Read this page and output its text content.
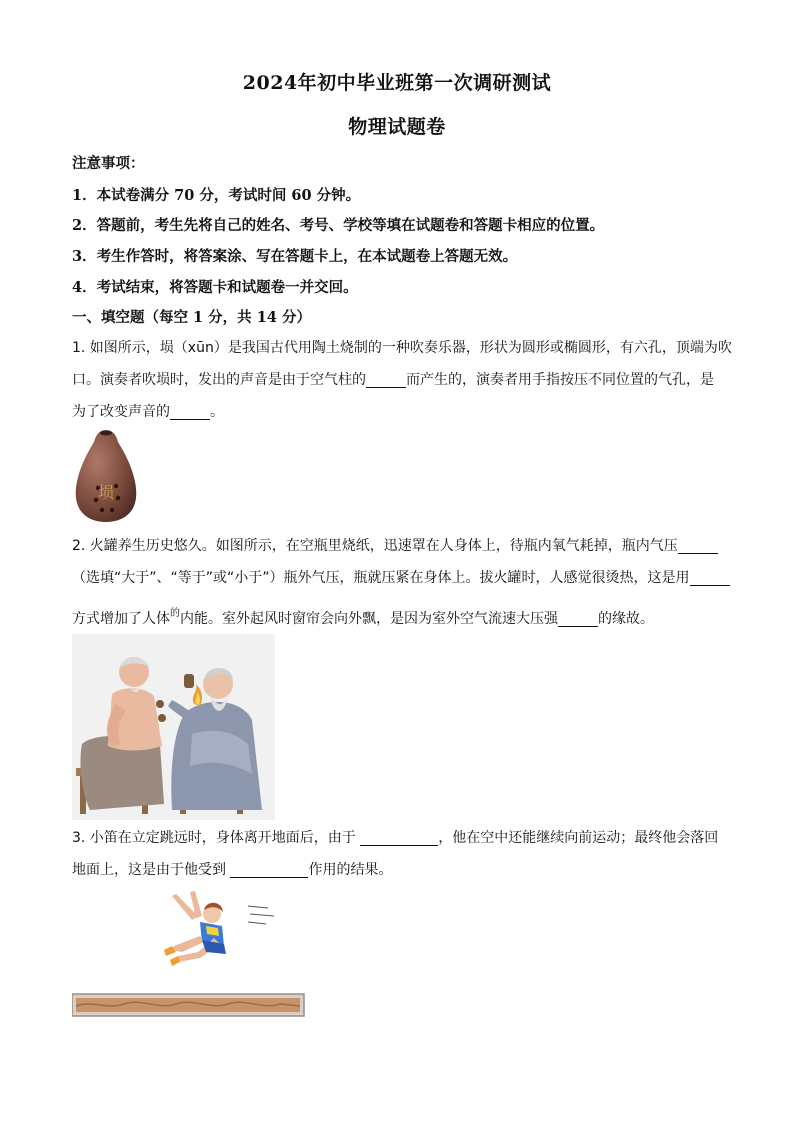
2024年初中毕业班第一次调研测试
物理试题卷
注意事项：
1．本试卷满分 70 分，考试时间 60 分钟。
2．答题前，考生先将自己的姓名、考号、学校等填在试题卷和答题卡相应的位置。
3．考生作答时，将答案涂、写在答题卡上，在本试题卷上答题无效。
4．考试结束，将答题卡和试题卷一并交回。
一、填空题（每空 1 分，共 14 分）
1. 如图所示，埙（xūn）是我国古代用陶土烧制的一种吹奏乐器，形状为圆形或椭圆形，有六孔，顶端为吹
口。演奏者吹埙时，发出的声音是由于空气柱的	而产生的，演奏者用手指按压不同位置的气孔，是
为了改变声音的	。
埙
2. 火罐养生历史悠久。如图所示，在空瓶里烧纸，迅速罩在人身体上，待瓶内氧气耗掉，瓶内气压
（选填“大于”、“等于”或“小于”）瓶外气压，瓶就压紧在身体上。拔火罐时，人感觉很烫热，这是用
方式增加了人体$^的$内能。室外起风时窗帘会向外飘，是因为室外空气流速大压强	的缘故。
3. 小笛在立定跳远时，身体离开地面后，由于	，他在空中还能继续向前运动；最终他会落回
地面上，这是由于他受到	作用的结果。
